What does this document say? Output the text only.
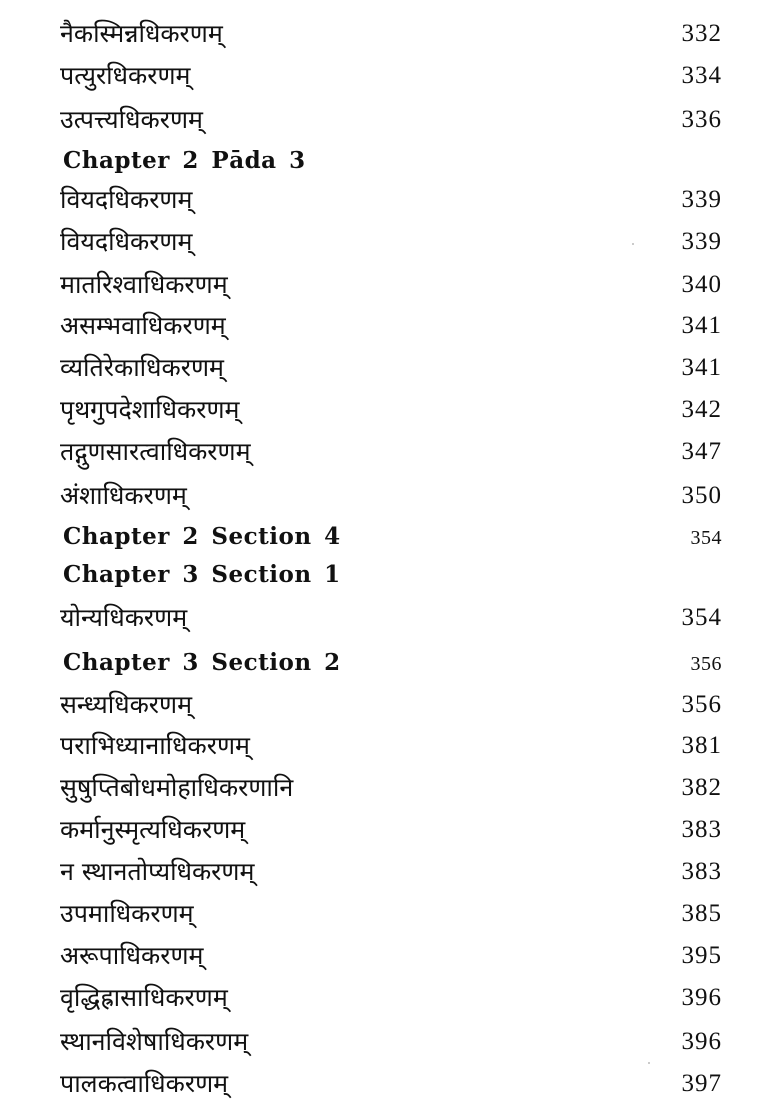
नैकस्मिन्नधिकरणम्	332
पत्युरधिकरणम्	334
उत्पत्त्यधिकरणम्	336
Chapter 2 Pāda 3
वियदधिकरणम्	339
वियदधिकरणम्	339
मातरिश्वाधिकरणम्	340
असम्भवाधिकरणम्	341
व्यतिरेकाधिकरणम्	341
पृथगुपदेशाधिकरणम्	342
तद्गुणसारत्वाधिकरणम्	347
अंशाधिकरणम्	350
Chapter 2 Section 4	354
Chapter 3 Section 1
योन्यधिकरणम्	354
Chapter 3 Section 2	356
सन्ध्यधिकरणम्	356
पराभिध्यानाधिकरणम्	381
सुषुप्तिबोधमोहाधिकरणानि	382
कर्मानुस्मृत्यधिकरणम्	383
न स्थानतोप्यधिकरणम्	383
उपमाधिकरणम्	385
अरूपाधिकरणम्	395
वृद्धिह्रासाधिकरणम्	396
स्थानविशेषाधिकरणम्	396
पालकत्वाधिकरणम्	397
